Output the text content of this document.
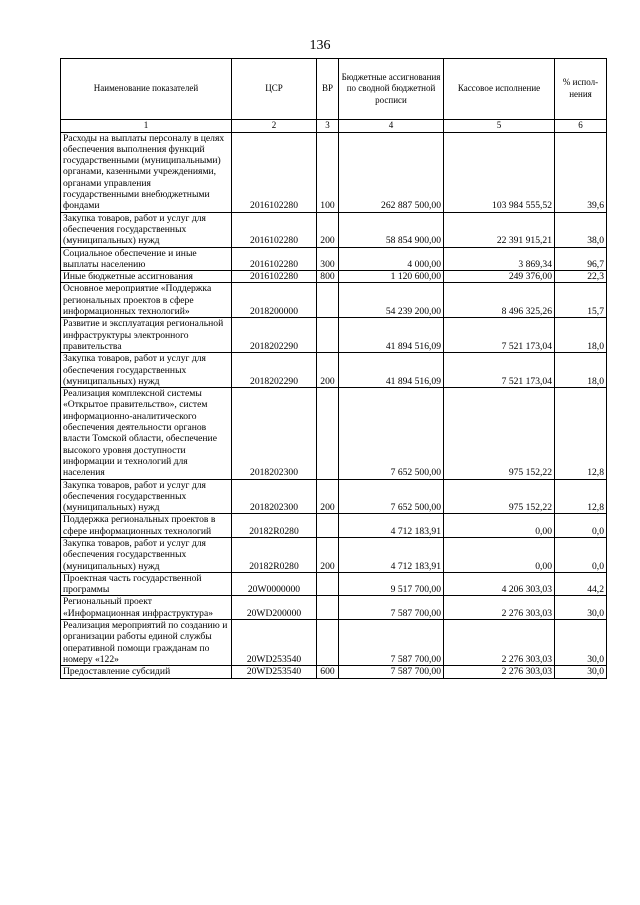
136
Наименование показателей	ЦСР	ВР	Бюджетные ассигнования по сводной бюджетной росписи	Кассовое исполнение	% испол-нения
1	2	3	4	5	6
Расходы на выплаты персоналу в целях обеспечения выполнения функций государственными (муниципальными) органами, казенными учреждениями, органами управления государственными внебюджетными фондами	2016102280	100	262 887 500,00	103 984 555,52	39,6
Закупка товаров, работ и услуг для обеспечения государственных (муниципальных) нужд	2016102280	200	58 854 900,00	22 391 915,21	38,0
Социальное обеспечение и иные выплаты населению	2016102280	300	4 000,00	3 869,34	96,7
Иные бюджетные ассигнования	2016102280	800	1 120 600,00	249 376,00	22,3
Основное мероприятие «Поддержка региональных проектов в сфере информационных технологий»	2018200000		54 239 200,00	8 496 325,26	15,7
Развитие и эксплуатация региональной инфраструктуры электронного правительства	2018202290		41 894 516,09	7 521 173,04	18,0
Закупка товаров, работ и услуг для обеспечения государственных (муниципальных) нужд	2018202290	200	41 894 516,09	7 521 173,04	18,0
Реализация комплексной системы «Открытое правительство», систем информационно-аналитического обеспечения деятельности органов власти Томской области, обеспечение высокого уровня доступности информации и технологий для населения	2018202300		7 652 500,00	975 152,22	12,8
Закупка товаров, работ и услуг для обеспечения государственных (муниципальных) нужд	2018202300	200	7 652 500,00	975 152,22	12,8
Поддержка региональных проектов в сфере информационных технологий	20182R0280		4 712 183,91	0,00	0,0
Закупка товаров, работ и услуг для обеспечения государственных (муниципальных) нужд	20182R0280	200	4 712 183,91	0,00	0,0
Проектная часть государственной программы	20W0000000		9 517 700,00	4 206 303,03	44,2
Региональный проект «Информационная инфраструктура»	20WD200000		7 587 700,00	2 276 303,03	30,0
Реализация мероприятий по созданию и организации работы единой службы оперативной помощи гражданам по номеру «122»	20WD253540		7 587 700,00	2 276 303,03	30,0
Предоставление субсидий	20WD253540	600	7 587 700,00	2 276 303,03	30,0
